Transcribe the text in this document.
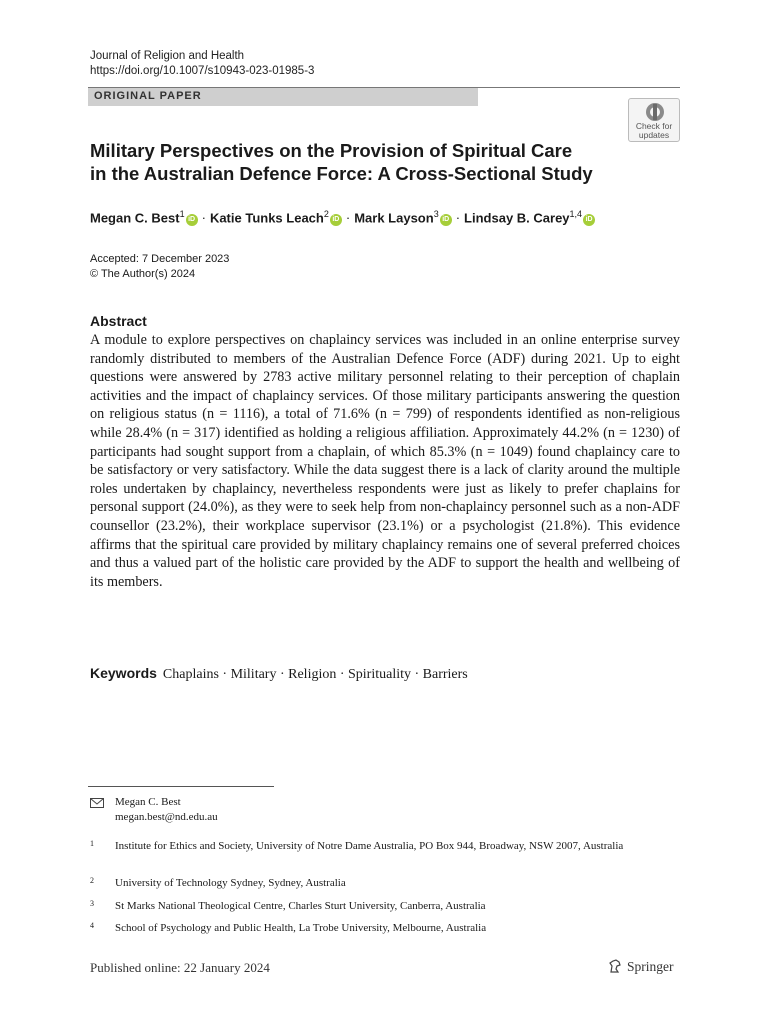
Journal of Religion and Health
https://doi.org/10.1007/s10943-023-01985-3
ORIGINAL PAPER
Check for
updates
Military Perspectives on the Provision of Spiritual Care
in the Australian Defence Force: A Cross-Sectional Study
Megan C. Best$^1$iD · Katie Tunks Leach$^2$iD · Mark Layson$^3$iD · Lindsay B. Carey$^{1,4}$iD
Accepted: 7 December 2023
© The Author(s) 2024
Abstract
A module to explore perspectives on chaplaincy services was included in an online enterprise survey randomly distributed to members of the Australian Defence Force (ADF) during 2021. Up to eight questions were answered by 2783 active military personnel relating to their perception of chaplain activities and the impact of chaplaincy services. Of those military participants answering the question on religious status (n = 1116), a total of 71.6% (n = 799) of respondents identified as non-religious while 28.4% (n = 317) identified as holding a religious affiliation. Approximately 44.2% (n = 1230) of participants had sought support from a chaplain, of which 85.3% (n = 1049) found chaplaincy care to be satisfactory or very satisfactory. While the data suggest there is a lack of clarity around the multiple roles undertaken by chaplaincy, nevertheless respondents were just as likely to prefer chaplains for personal support (24.0%), as they were to seek help from non-chaplaincy personnel such as a non-ADF counsellor (23.2%), their workplace supervisor (23.1%) or a psychologist (21.8%). This evidence affirms that the spiritual care provided by military chaplaincy remains one of several preferred choices and thus a valued part of the holistic care provided by the ADF to support the health and wellbeing of its members.
Keywords Chaplains · Military · Religion · Spirituality · Barriers
Megan C. Best
megan.best@nd.edu.au
1 Institute for Ethics and Society, University of Notre Dame Australia, PO Box 944, Broadway, NSW 2007, Australia
2 University of Technology Sydney, Sydney, Australia
3 St Marks National Theological Centre, Charles Sturt University, Canberra, Australia
4 School of Psychology and Public Health, La Trobe University, Melbourne, Australia
Published online: 22 January 2024	Springer
